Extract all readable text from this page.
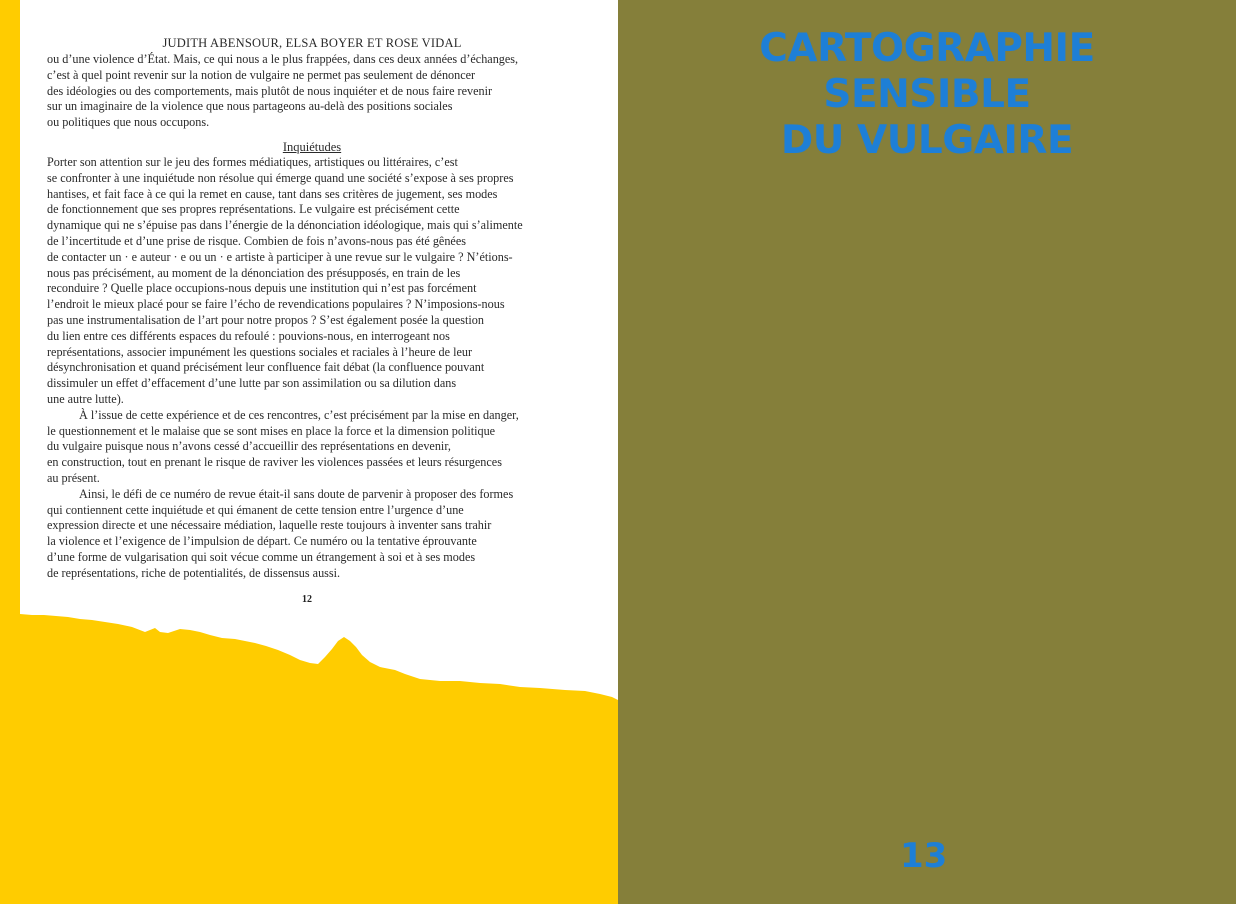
JUDITH ABENSOUR, ELSA BOYER ET ROSE VIDAL

ou d’une violence d’État. Mais, ce qui nous a le plus frappées, dans ces deux années d’échanges,
c’est à quel point revenir sur la notion de vulgaire ne permet pas seulement de dénoncer
des idéologies ou des comportements, mais plutôt de nous inquiéter et de nous faire revenir
sur un imaginaire de la violence que nous partageons au-delà des positions sociales
ou politiques que nous occupons.

Inquiétudes

Porter son attention sur le jeu des formes médiatiques, artistiques ou littéraires, c’est
se confronter à une inquiétude non résolue qui émerge quand une société s’expose à ses propres
hantises, et fait face à ce qui la remet en cause, tant dans ses critères de jugement, ses modes
de fonctionnement que ses propres représentations. Le vulgaire est précisément cette
dynamique qui ne s’épuise pas dans l’énergie de la dénonciation idéologique, mais qui s’alimente
de l’incertitude et d’une prise de risque. Combien de fois n’avons-nous pas été gênées
de contacter un · e auteur · e ou un · e artiste à participer à une revue sur le vulgaire ? N’étions-
nous pas précisément, au moment de la dénonciation des présupposés, en train de les
reconduire ? Quelle place occupions-nous depuis une institution qui n’est pas forcément
l’endroit le mieux placé pour se faire l’écho de revendications populaires ? N’imposions-nous
pas une instrumentalisation de l’art pour notre propos ? S’est également posée la question
du lien entre ces différents espaces du refoulé : pouvions-nous, en interrogeant nos
représentations, associer impunément les questions sociales et raciales à l’heure de leur
désynchronisation et quand précisément leur confluence fait débat (la confluence pouvant
dissimuler un effet d’effacement d’une lutte par son assimilation ou sa dilution dans
une autre lutte).

À l’issue de cette expérience et de ces rencontres, c’est précisément par la mise en danger,
le questionnement et le malaise que se sont mises en place la force et la dimension politique
du vulgaire puisque nous n’avons cessé d’accueillir des représentations en devenir,
en construction, tout en prenant le risque de raviver les violences passées et leurs résurgences
au présent.

Ainsi, le défi de ce numéro de revue était-il sans doute de parvenir à proposer des formes
qui contiennent cette inquiétude et qui émanent de cette tension entre l’urgence d’une
expression directe et une nécessaire médiation, laquelle reste toujours à inventer sans trahir
la violence et l’exigence de l’impulsion de départ. Ce numéro ou la tentative éprouvante
d’une forme de vulgarisation qui soit vécue comme un étrangement à soi et à ses modes
de représentations, riche de potentialités, de dissensus aussi.

12
CARTOGRAPHIE
SENSIBLE
DU VULGAIRE
13
